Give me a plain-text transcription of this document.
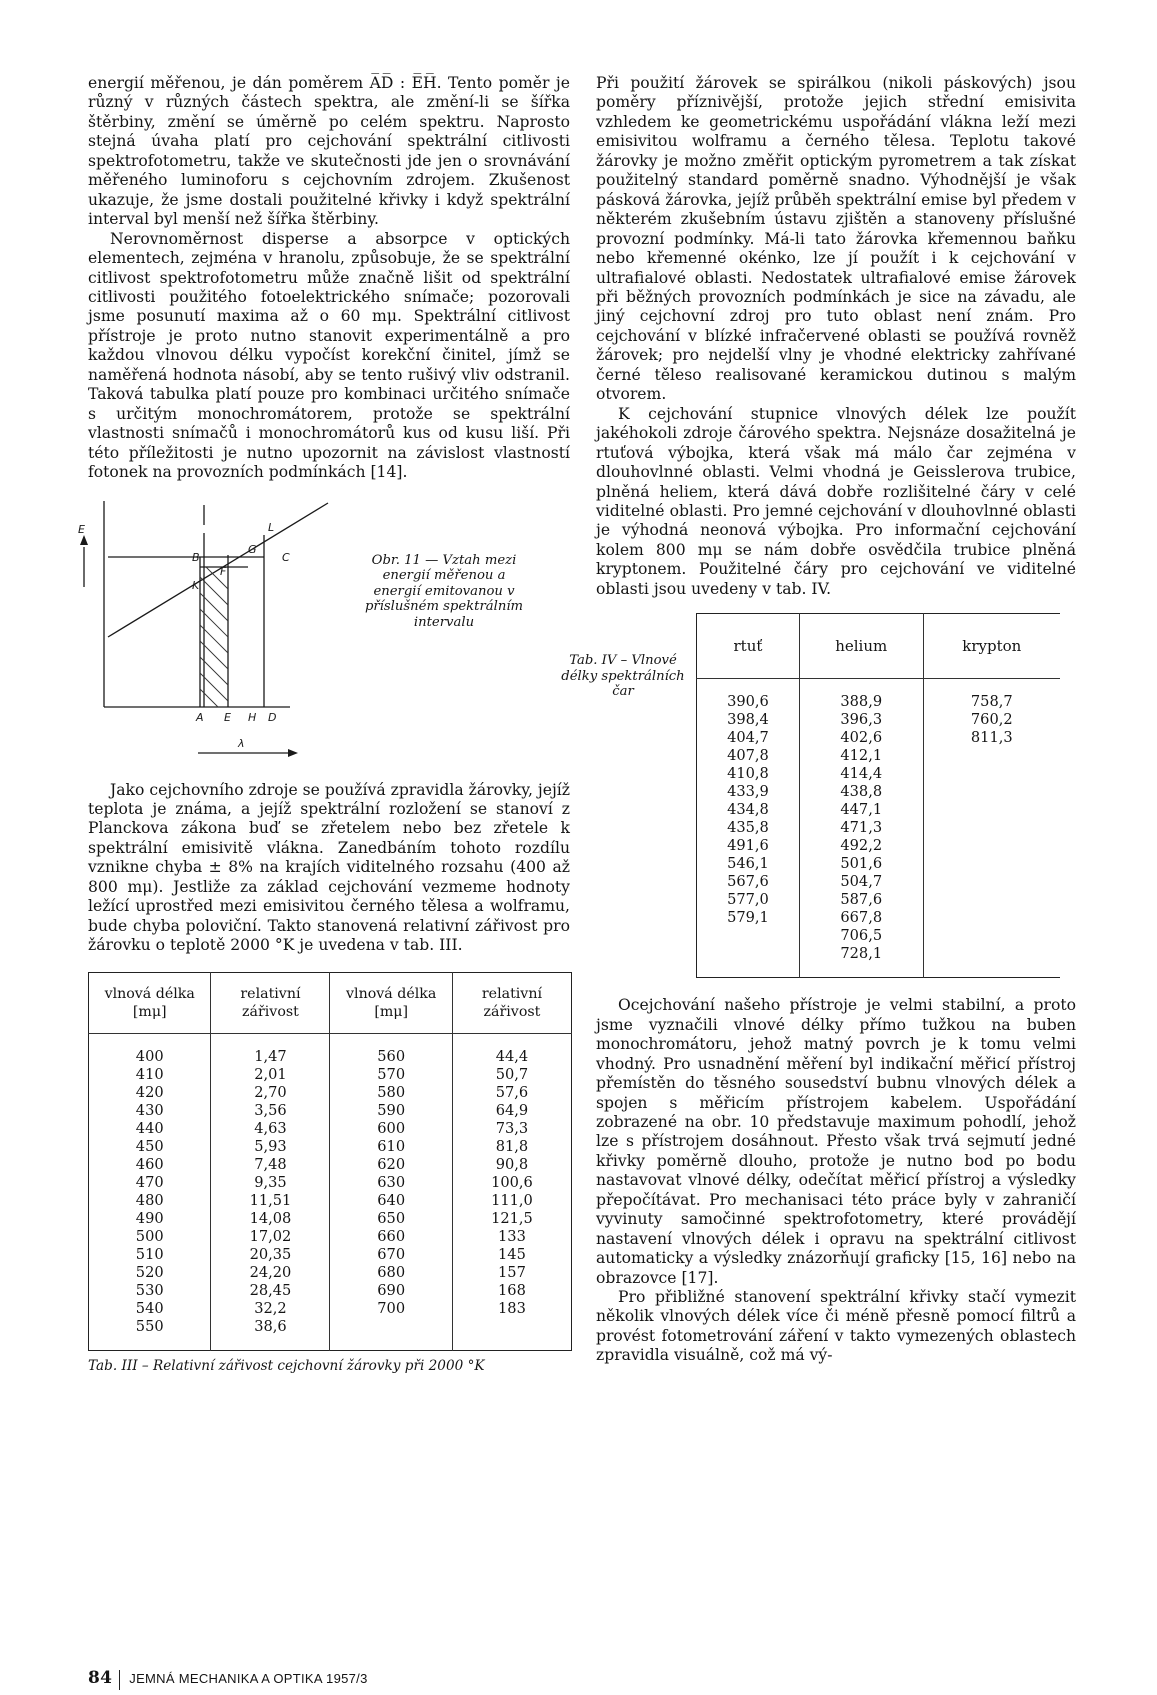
energií měřenou, je dán poměrem A̅D̅ : E̅H̅. Tento poměr je různý v různých částech spektra, ale změní-li se šířka štěrbiny, změní se úměrně po celém spektru. Naprosto stejná úvaha platí pro cejchování spektrální citlivosti spektrofotometru, takže ve skutečnosti jde jen o srovnávání měřeného luminoforu s cejchovním zdrojem. Zkušenost ukazuje, že jsme dostali použitelné křivky i když spektrální interval byl menší než šířka štěrbiny.

Nerovnoměrnost disperse a absorpce v optických elementech, zejména v hranolu, způsobuje, že se spektrální citlivost spektrofotometru může značně lišit od spektrální citlivosti použitého fotoelektrického snímače; pozorovali jsme posunutí maxima až o 60 mμ. Spektrální citlivost přístroje je proto nutno stanovit experimentálně a pro každou vlnovou délku vypočíst korekční činitel, jímž se naměřená hodnota násobí, aby se tento rušivý vliv odstranil. Taková tabulka platí pouze pro kombinaci určitého snímače s určitým monochromátorem, protože se spektrální vlastnosti snímačů i monochromátorů kus od kusu liší. Při této příležitosti je nutno upozornit na závislost vlastností fotonek na provozních podmínkách [14].

E
B
K
F
G
C
L
A E H D
λ
Obr. 11 — Vztah mezi energií měřenou a energií emitovanou v příslušném spektrálním intervalu

Jako cejchovního zdroje se používá zpravidla žárovky, jejíž teplota je známa, a jejíž spektrální rozložení se stanoví z Planckova zákona buď se zřetelem nebo bez zřetele k spektrální emisivitě vlákna. Zanedbáním tohoto rozdílu vznikne chyba ± 8% na krajích viditelného rozsahu (400 až 800 mμ). Jestliže za základ cejchování vezmeme hodnoty ležící uprostřed mezi emisivitou černého tělesa a wolframu, bude chyba poloviční. Takto stanovená relativní zářivost pro žárovku o teplotě 2000 °K je uvedena v tab. III.

vlnová délka [mμ]	relativní zářivost	vlnová délka [mμ]	relativní zářivost

400	1,47	560	44,4
410	2,01	570	50,7
420	2,70	580	57,6
430	3,56	590	64,9
440	4,63	600	73,3
450	5,93	610	81,8
460	7,48	620	90,8
470	9,35	630	100,6
480	11,51	640	111,0
490	14,08	650	121,5
500	17,02	660	133
510	20,35	670	145
520	24,20	680	157
530	28,45	690	168
540	32,2	700	183
550	38,6		

Tab. III – Relativní zářivost cejchovní žárovky při 2000 °K

Při použití žárovek se spirálkou (nikoli páskových) jsou poměry příznivější, protože jejich střední emisivita vzhledem ke geometrickému uspořádání vlákna leží mezi emisivitou wolframu a černého tělesa. Teplotu takové žárovky je možno změřit optickým pyrometrem a tak získat použitelný standard poměrně snadno. Výhodnější je však pásková žárovka, jejíž průběh spektrální emise byl předem v některém zkušebním ústavu zjištěn a stanoveny příslušné provozní podmínky. Má-li tato žárovka křemennou baňku nebo křemenné okénko, lze jí použít i k cejchování v ultrafialové oblasti. Nedostatek ultrafialové emise žárovek při běžných provozních podmínkách je sice na závadu, ale jiný cejchovní zdroj pro tuto oblast není znám. Pro cejchování v blízké infračervené oblasti se používá rovněž žárovek; pro nejdelší vlny je vhodné elektricky zahřívané černé těleso realisované keramickou dutinou s malým otvorem.

K cejchování stupnice vlnových délek lze použít jakéhokoli zdroje čárového spektra. Nejsnáze dosažitelná je rtuťová výbojka, která však má málo čar zejména v dlouhovlnné oblasti. Velmi vhodná je Geisslerova trubice, plněná heliem, která dává dobře rozlišitelné čáry v celé viditelné oblasti. Pro jemné cejchování v dlouhovlnné oblasti je výhodná neonová výbojka. Pro informační cejchování kolem 800 mμ se nám dobře osvědčila trubice plněná kryptonem. Použitelné čáry pro cejchování ve viditelné oblasti jsou uvedeny v tab. IV.

Tab. IV – Vlnové délky spektrálních čar
rtuť	helium	krypton

390,6	388,9	758,7
398,4	396,3	760,2
404,7	402,6	811,3
407,8	412,1	
410,8	414,4	
433,9	438,8	
434,8	447,1	
435,8	471,3	
491,6	492,2	
546,1	501,6	
567,6	504,7	
577,0	587,6	
579,1	667,8	
	706,5	
	728,1	

Ocejchování našeho přístroje je velmi stabilní, a proto jsme vyznačili vlnové délky přímo tužkou na buben monochromátoru, jehož matný povrch je k tomu velmi vhodný. Pro usnadnění měření byl indikační měřicí přístroj přemístěn do těsného sousedství bubnu vlnových délek a spojen s měřicím přístrojem kabelem. Uspořádání zobrazené na obr. 10 představuje maximum pohodlí, jehož lze s přístrojem dosáhnout. Přesto však trvá sejmutí jedné křivky poměrně dlouho, protože je nutno bod po bodu nastavovat vlnové délky, odečítat měřicí přístroj a výsledky přepočítávat. Pro mechanisaci této práce byly v zahraničí vyvinuty samočinné spektrofotometry, které provádějí nastavení vlnových délek i opravu na spektrální citlivost automaticky a výsledky znázorňují graficky [15, 16] nebo na obrazovce [17].

Pro přibližné stanovení spektrální křivky stačí vymezit několik vlnových délek více či méně přesně pomocí filtrů a provést fotometrování záření v takto vymezených oblastech zpravidla visuálně, což má vý-

84 JEMNÁ MECHANIKA A OPTIKA 1957/3
